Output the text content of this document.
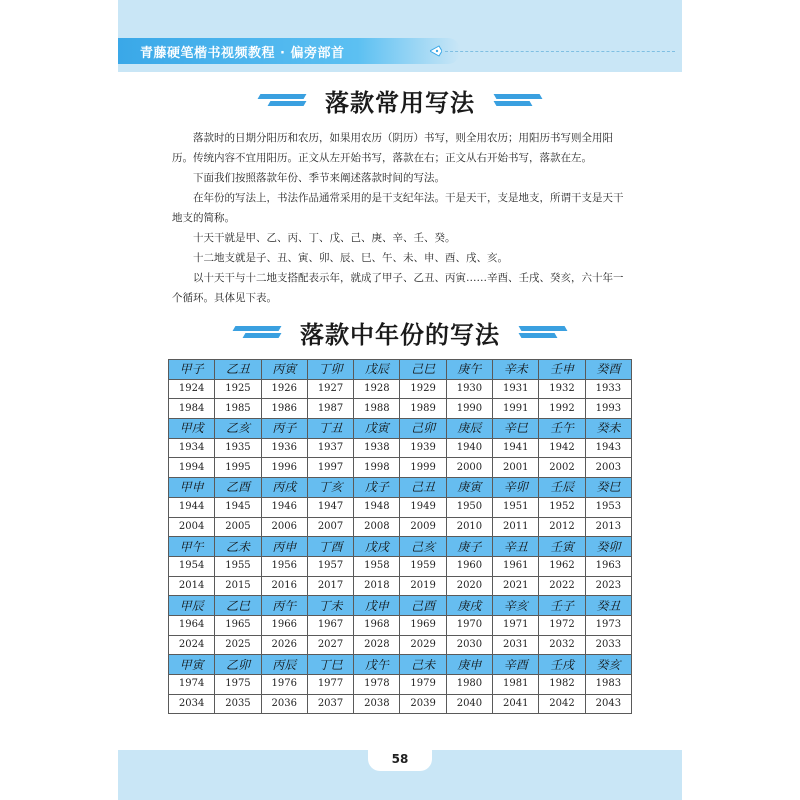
青藤硬笔楷书视频教程 · 偏旁部首
落款常用写法

落款时的日期分阳历和农历，如果用农历（阴历）书写，则全用农历；用阳历书写则全用阳历。传统内容不宜用阳历。正文从左开始书写，落款在右；正文从右开始书写，落款在左。

下面我们按照落款年份、季节来阐述落款时间的写法。

在年份的写法上，书法作品通常采用的是干支纪年法。干是天干，支是地支，所谓干支是天干地支的简称。

十天干就是甲、乙、丙、丁、戊、己、庚、辛、壬、癸。

十二地支就是子、丑、寅、卯、辰、巳、午、未、申、酉、戌、亥。

以十天干与十二地支搭配表示年，就成了甲子、乙丑、丙寅……辛酉、壬戌、癸亥，六十年一个循环。具体见下表。

落款中年份的写法
甲子	乙丑	丙寅	丁卯	戊辰	己巳	庚午	辛未	壬申	癸酉
1924	1925	1926	1927	1928	1929	1930	1931	1932	1933
1984	1985	1986	1987	1988	1989	1990	1991	1992	1993
甲戌	乙亥	丙子	丁丑	戊寅	己卯	庚辰	辛巳	壬午	癸未
1934	1935	1936	1937	1938	1939	1940	1941	1942	1943
1994	1995	1996	1997	1998	1999	2000	2001	2002	2003
甲申	乙酉	丙戌	丁亥	戊子	己丑	庚寅	辛卯	壬辰	癸巳
1944	1945	1946	1947	1948	1949	1950	1951	1952	1953
2004	2005	2006	2007	2008	2009	2010	2011	2012	2013
甲午	乙未	丙申	丁酉	戊戌	己亥	庚子	辛丑	壬寅	癸卯
1954	1955	1956	1957	1958	1959	1960	1961	1962	1963
2014	2015	2016	2017	2018	2019	2020	2021	2022	2023
甲辰	乙巳	丙午	丁未	戊申	己酉	庚戌	辛亥	壬子	癸丑
1964	1965	1966	1967	1968	1969	1970	1971	1972	1973
2024	2025	2026	2027	2028	2029	2030	2031	2032	2033
甲寅	乙卯	丙辰	丁巳	戊午	己未	庚申	辛酉	壬戌	癸亥
1974	1975	1976	1977	1978	1979	1980	1981	1982	1983
2034	2035	2036	2037	2038	2039	2040	2041	2042	2043
58
